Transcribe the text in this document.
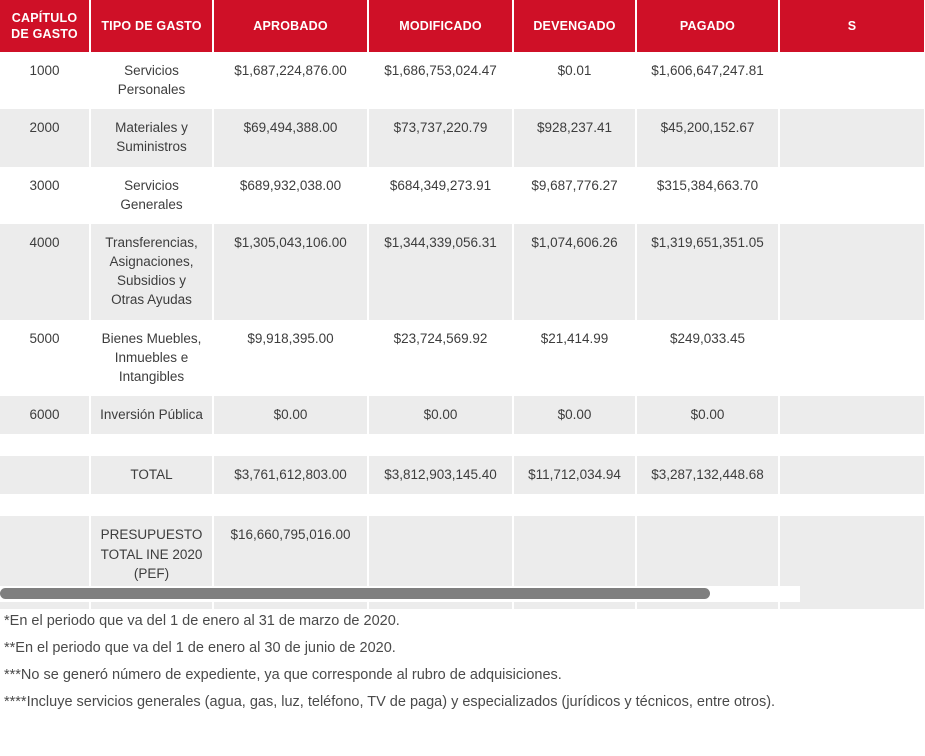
CAPÍTULO DE GASTO	TIPO DE GASTO	APROBADO	MODIFICADO	DEVENGADO	PAGADO	S
1000	Servicios Personales	$1,687,224,876.00	$1,686,753,024.47	$0.01	$1,606,647,247.81	
2000	Materiales y Suministros	$69,494,388.00	$73,737,220.79	$928,237.41	$45,200,152.67	
3000	Servicios Generales	$689,932,038.00	$684,349,273.91	$9,687,776.27	$315,384,663.70	
4000	Transferencias, Asignaciones, Subsidios y Otras Ayudas	$1,305,043,106.00	$1,344,339,056.31	$1,074,606.26	$1,319,651,351.05	
5000	Bienes Muebles, Inmuebles e Intangibles	$9,918,395.00	$23,724,569.92	$21,414.99	$249,033.45	
6000	Inversión Pública	$0.00	$0.00	$0.00	$0.00	

	TOTAL	$3,761,612,803.00	$3,812,903,145.40	$11,712,034.94	$3,287,132,448.68	

	PRESUPUESTO TOTAL INE 2020 (PEF)	$16,660,795,016.00				

*En el periodo que va del 1 de enero al 31 de marzo de 2020.

**En el periodo que va del 1 de enero al 30 de junio de 2020.

***No se generó número de expediente, ya que corresponde al rubro de adquisiciones.

****Incluye servicios generales (agua, gas, luz, teléfono, TV de paga) y especializados (jurídicos y técnicos, entre otros).
